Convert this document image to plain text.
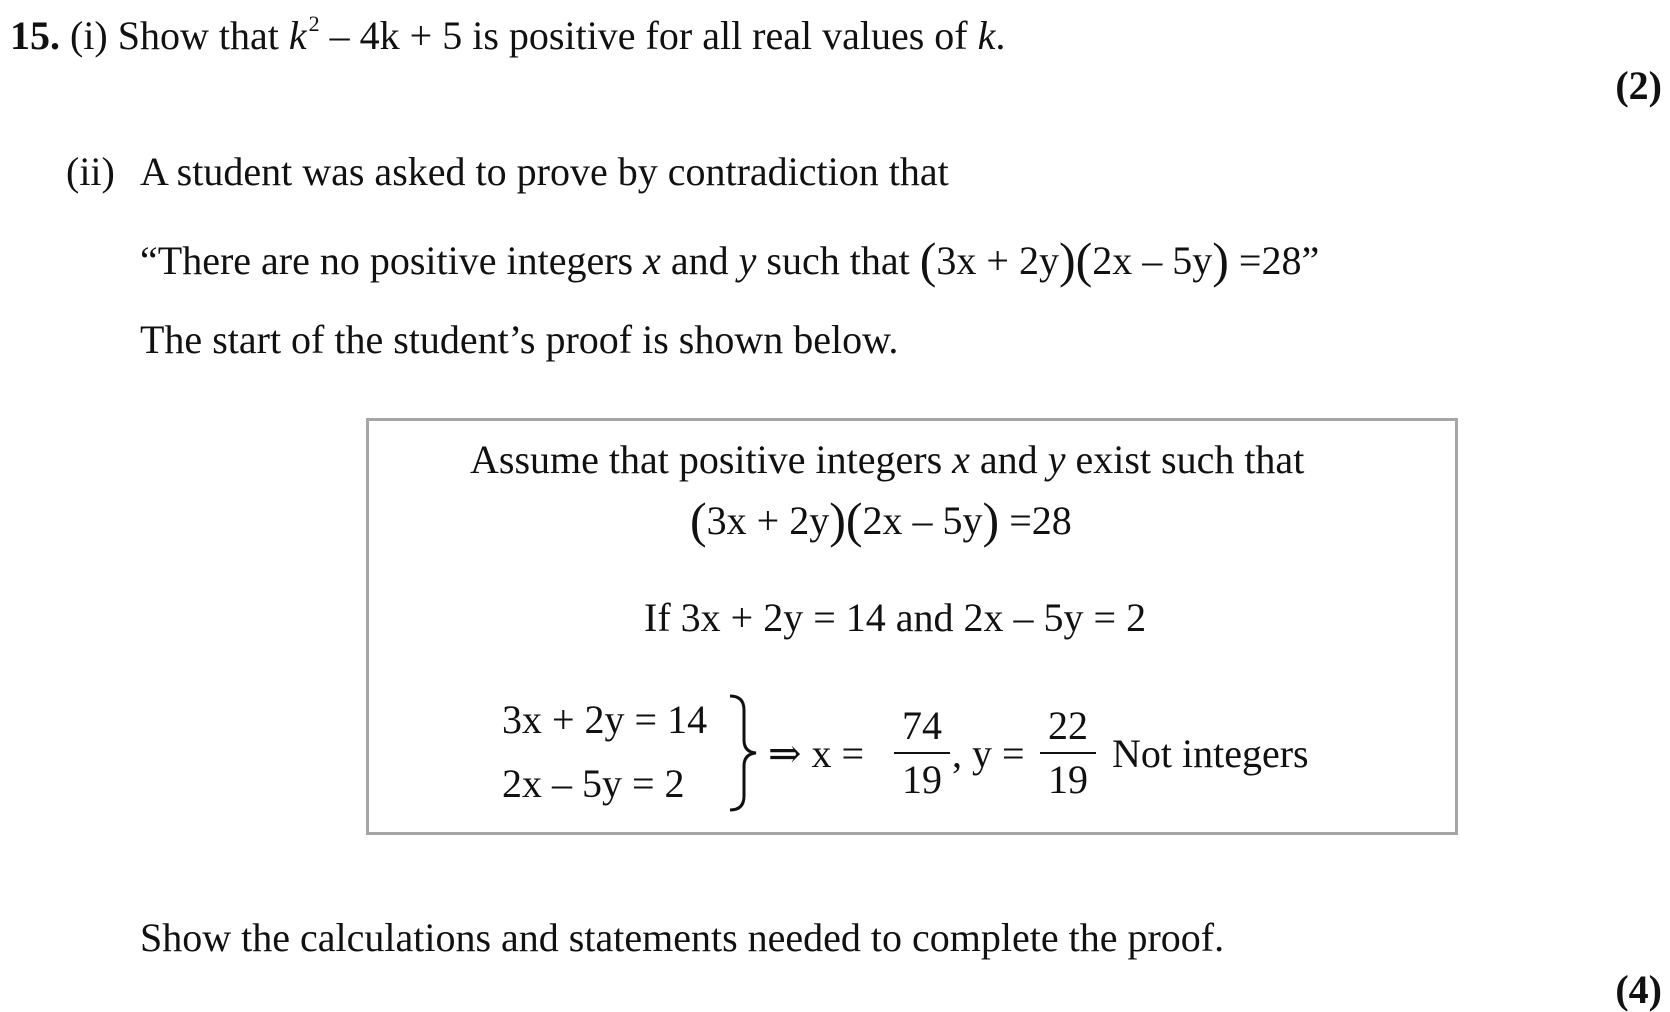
15. (i) Show that $k^2 - 4k + 5$ is positive for all real values of k.
(2)
(ii) A student was asked to prove by contradiction that
“There are no positive integers x and y such that (3x + 2y)(2x – 5y) =28”
The start of the student’s proof is shown below.
Assume that positive integers x and y exist such that
(3x + 2y)(2x – 5y) =28
If 3x + 2y = 14 and 2x – 5y = 2
3x + 2y = 14
2x – 5y = 2
⇒ x =
74
19
, y =
22
19
Not integers
Show the calculations and statements needed to complete the proof.
(4)
